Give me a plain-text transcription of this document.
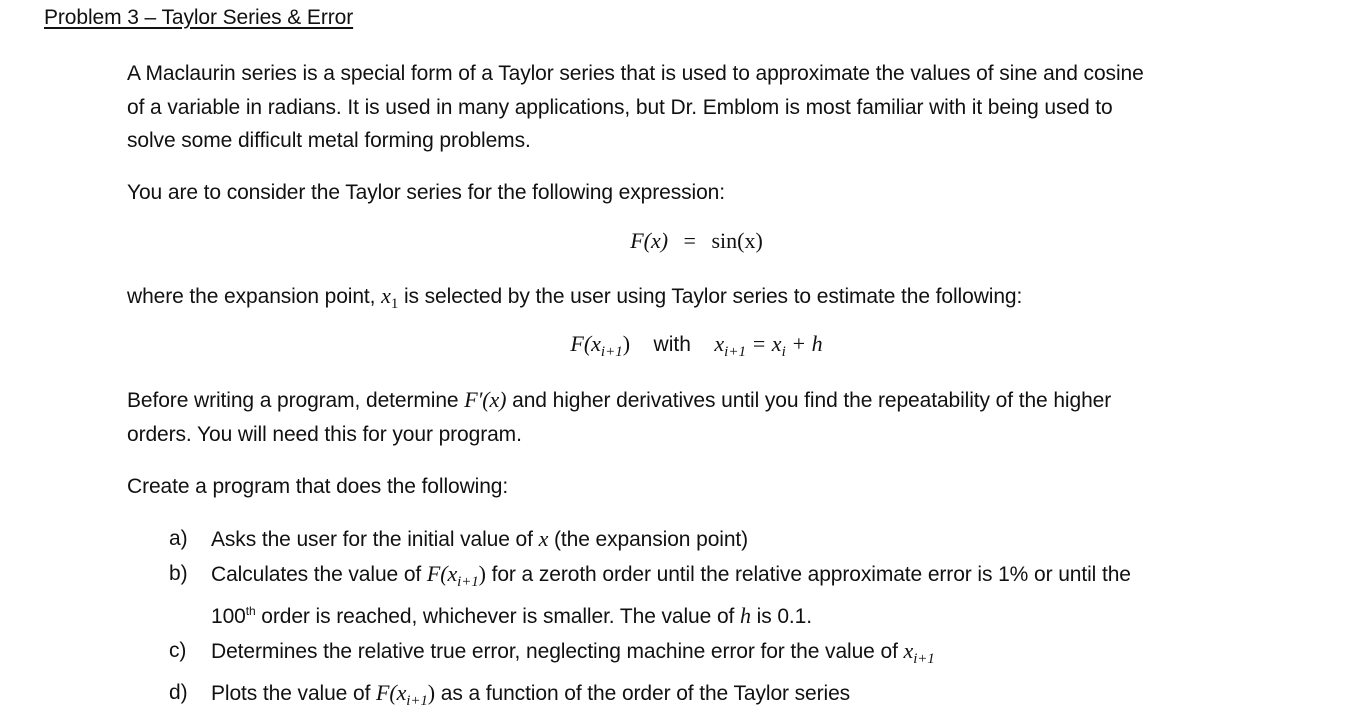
Problem 3 – Taylor Series & Error
A Maclaurin series is a special form of a Taylor series that is used to approximate the values of sine and cosine
of a variable in radians. It is used in many applications, but Dr. Emblom is most familiar with it being used to
solve some difficult metal forming problems.
You are to consider the Taylor series for the following expression:
F(x) = sin(x)
where the expansion point, $x_1$ is selected by the user using Taylor series to estimate the following:
$F(x_{i+1})$ with $x_{i+1} = x_i + h$
Before writing a program, determine F′(x) and higher derivatives until you find the repeatability of the higher
orders. You will need this for your program.
Create a program that does the following:
a) Asks the user for the initial value of x (the expansion point)
b) Calculates the value of $F(x_{i+1})$ for a zeroth order until the relative approximate error is 1% or until the
100th order is reached, whichever is smaller. The value of h is 0.1.
c) Determines the relative true error, neglecting machine error for the value of $x_{i+1}$
d) Plots the value of $F(x_{i+1})$ as a function of the order of the Taylor series
